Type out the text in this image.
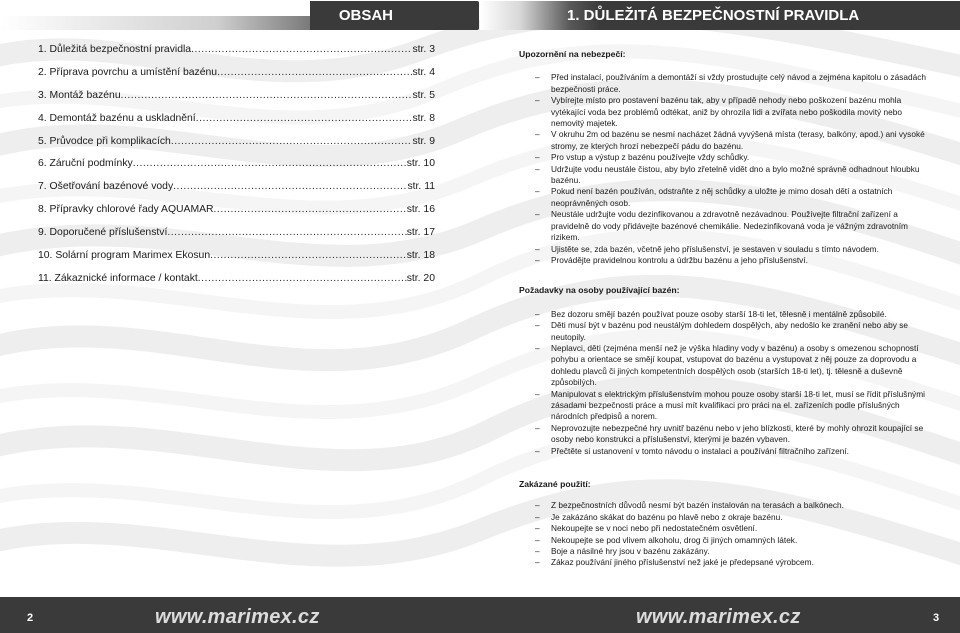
OBSAH	1. DŮLEŽITÁ BEZPEČNOSTNÍ PRAVIDLA
1. Důležitá bezpečnostní pravidla .....	str. 3
2. Příprava povrchu a umístění bazénu .....	str. 4
3. Montáž bazénu .....	str. 5
4. Demontáž bazénu a uskladnění .....	str. 8
5. Průvodce při komplikacích .....	str. 9
6. Záruční podmínky .....	str. 10
7. Ošetřování bazénové vody .....	str. 11
8. Přípravky chlorové řady AQUAMAR .....	str. 16
9. Doporučené příslušenství .....	str. 17
10. Solární program Marimex Ekosun .....	str. 18
11. Zákaznické informace / kontakt .....	str. 20

Upozornění na nebezpečí:

– Před instalací, používáním a demontáží si vždy prostudujte celý návod a zejména kapitolu o zásadách bezpečnosti práce.
– Vybírejte místo pro postavení bazénu tak, aby v případě nehody nebo poškození bazénu mohla vytékající voda bez problémů odtékat, aniž by ohrozila lidi a zvířata nebo poškodila movitý nebo nemovitý majetek.
– V okruhu 2m od bazénu se nesmí nacházet žádná vyvýšená místa (terasy, balkóny, apod.) ani vysoké stromy, ze kterých hrozí nebezpečí pádu do bazénu.
– Pro vstup a výstup z bazénu používejte vždy schůdky.
– Udržujte vodu neustále čistou, aby bylo zřetelně vidět dno a bylo možné správně odhadnout hloubku bazénu.
– Pokud není bazén používán, odstraňte z něj schůdky a uložte je mimo dosah dětí a ostatních neoprávněných osob.
– Neustále udržujte vodu dezinfikovanou a zdravotně nezávadnou. Používejte filtrační zařízení a pravidelně do vody přidávejte bazénové chemikálie. Nedezinfikovaná voda je vážným zdravotním rizikem.
– Ujistěte se, zda bazén, včetně jeho příslušenství, je sestaven v souladu s tímto návodem.
– Provádějte pravidelnou kontrolu a údržbu bazénu a jeho příslušenství.

Požadavky na osoby používající bazén:

– Bez dozoru smějí bazén používat pouze osoby starší 18-ti let, tělesně i mentálně způsobilé.
– Děti musí být v bazénu pod neustálým dohledem dospělých, aby nedošlo ke zranění nebo aby se neutopily.
– Neplavci, děti (zejména menší než je výška hladiny vody v bazénu) a osoby s omezenou schopností pohybu a orientace se smějí koupat, vstupovat do bazénu a vystupovat z něj pouze za doprovodu a dohledu plavců či jiných kompetentních dospělých osob (starších 18-ti let), tj. tělesně a duševně způsobilých.
– Manipulovat s elektrickým příslušenstvím mohou pouze osoby starší 18-ti let, musí se řídit příslušnými zásadami bezpečnosti práce a musí mít kvalifikaci pro práci na el. zařízeních podle příslušných národních předpisů a norem.
– Neprovozujte nebezpečné hry uvnitř bazénu nebo v jeho blízkosti, které by mohly ohrozit koupající se osoby nebo konstrukci a příslušenství, kterými je bazén vybaven.
– Přečtěte si ustanovení v tomto návodu o instalaci a používání filtračního zařízení.

Zakázané použití:

– Z bezpečnostních důvodů nesmí být bazén instalován na terasách a balkónech.
– Je zakázáno skákat do bazénu po hlavě nebo z okraje bazénu.
– Nekoupejte se v noci nebo při nedostatečném osvětlení.
– Nekoupejte se pod vlivem alkoholu, drog či jiných omamných látek.
– Boje a násilné hry jsou v bazénu zakázány.
– Zákaz používání jiného příslušenství než jaké je předepsané výrobcem.
2	www.marimex.cz	www.marimex.cz	3
